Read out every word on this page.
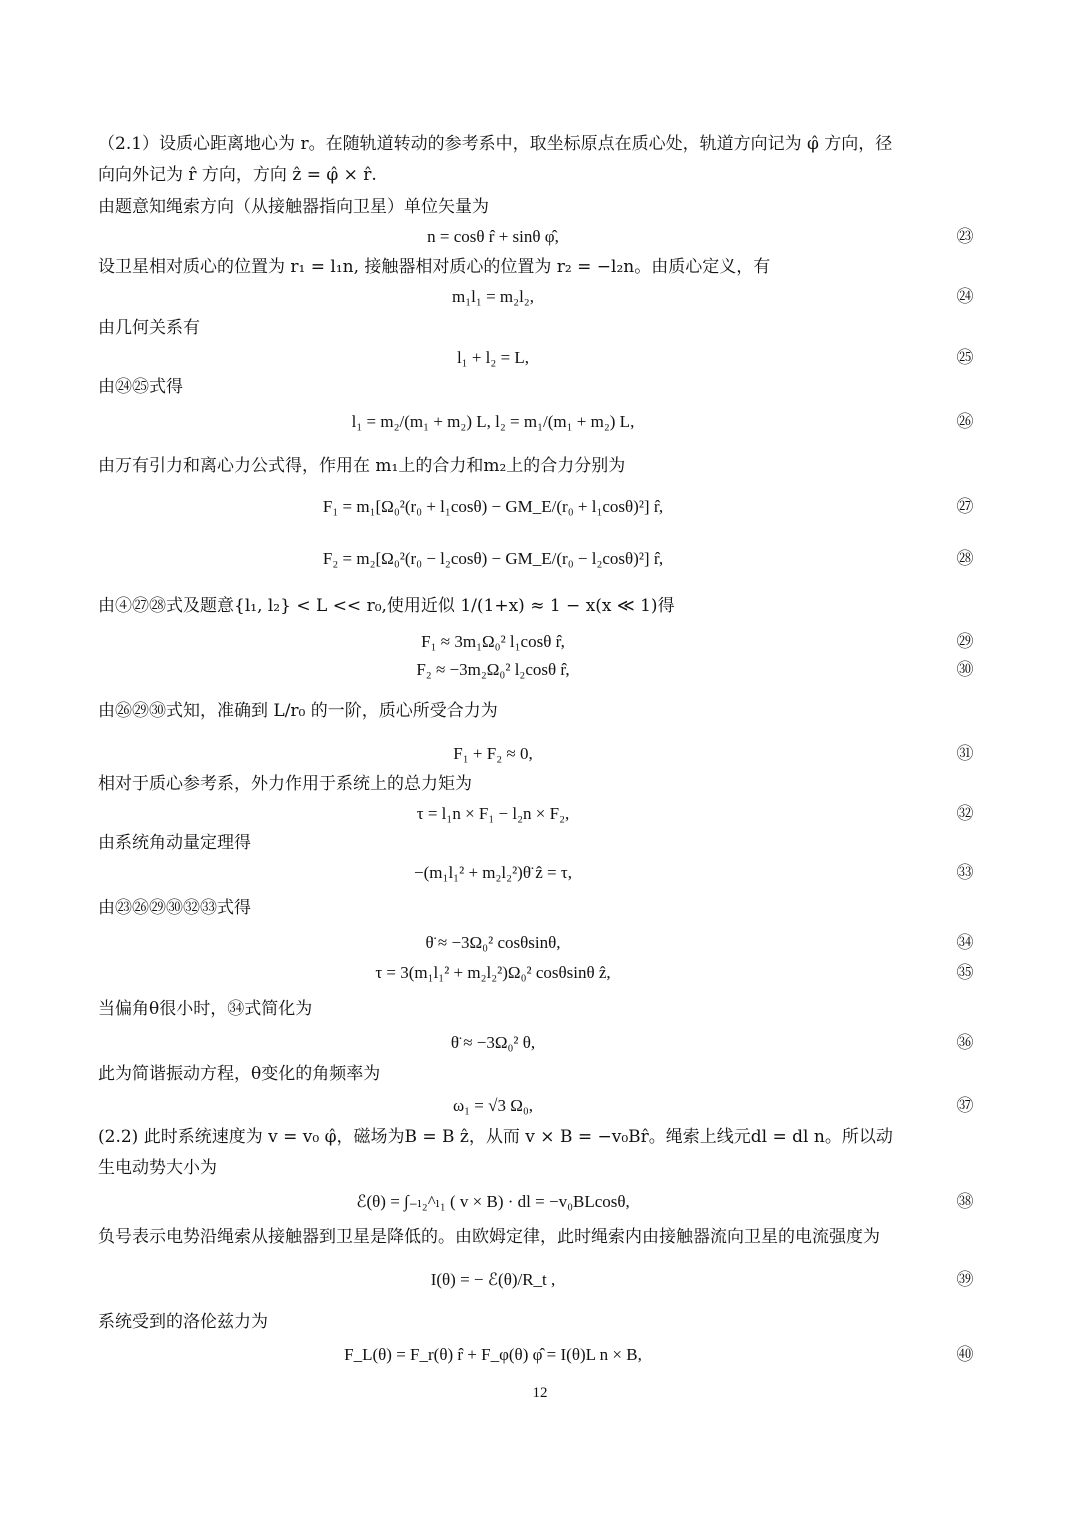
（2.1）设质心距离地心为 r。在随轨道转动的参考系中，取坐标原点在质心处，轨道方向记为 φ̂ 方向，径
向向外记为 r̂ 方向，方向 ẑ = φ̂ × r̂.
由题意知绳索方向（从接触器指向卫星）单位矢量为
n = cosθ r̂ + sinθ φ̂,	㉓
设卫星相对质心的位置为 r₁ = l₁n, 接触器相对质心的位置为 r₂ = −l₂n。由质心定义，有
m₁l₁ = m₂l₂,	㉔
由几何关系有
l₁ + l₂ = L,	㉕
由㉔㉕式得
l₁ = m₂/(m₁ + m₂) L, l₂ = m₁/(m₁ + m₂) L,	㉖
由万有引力和离心力公式得，作用在 m₁上的合力和m₂上的合力分别为
F₁ = m₁[Ω₀²(r₀ + l₁cosθ) − GM_E/(r₀ + l₁cosθ)²] r̂,	㉗
F₂ = m₂[Ω₀²(r₀ − l₂cosθ) − GM_E/(r₀ − l₂cosθ)²] r̂,	㉘
由④㉗㉘式及题意{l₁, l₂} < L << r₀,使用近似 1/(1+x) ≈ 1 − x(x ≪ 1)得
F₁ ≈ 3m₁Ω₀² l₁cosθ r̂,	㉙
F₂ ≈ −3m₂Ω₀² l₂cosθ r̂,	㉚
由㉖㉙㉚式知，准确到 L/r₀ 的一阶，质心所受合力为
F₁ + F₂ ≈ 0,	㉛
相对于质心参考系，外力作用于系统上的总力矩为
τ = l₁n × F₁ − l₂n × F₂,	㉜
由系统角动量定理得
−(m₁l₁² + m₂l₂²)θ̈ ẑ = τ,	㉝
由㉓㉖㉙㉚㉜㉝式得
θ̈ ≈ −3Ω₀² cosθsinθ,	㉞
τ = 3(m₁l₁² + m₂l₂²)Ω₀² cosθsinθ ẑ,	㉟
当偏角θ很小时，㉞式简化为
θ̈ ≈ −3Ω₀² θ,	㊱
此为简谐振动方程，θ变化的角频率为
ω₁ = √3 Ω₀,	㊲
(2.2) 此时系统速度为 v = v₀ φ̂，磁场为B = B ẑ，从而 v × B = −v₀Br̂。绳索上线元dl = dl n。所以动
生电动势大小为
ℰ(θ) = ∫₋ₗ₂^ₗ₁ ( v × B) · dl = −v₀BLcosθ,	㊳
负号表示电势沿绳索从接触器到卫星是降低的。由欧姆定律，此时绳索内由接触器流向卫星的电流强度为
I(θ) = − ℰ(θ)/R_t ,	㊴
系统受到的洛伦兹力为
F_L(θ) = F_r(θ) r̂ + F_φ(θ) φ̂ = I(θ)L n × B,	㊵
12
